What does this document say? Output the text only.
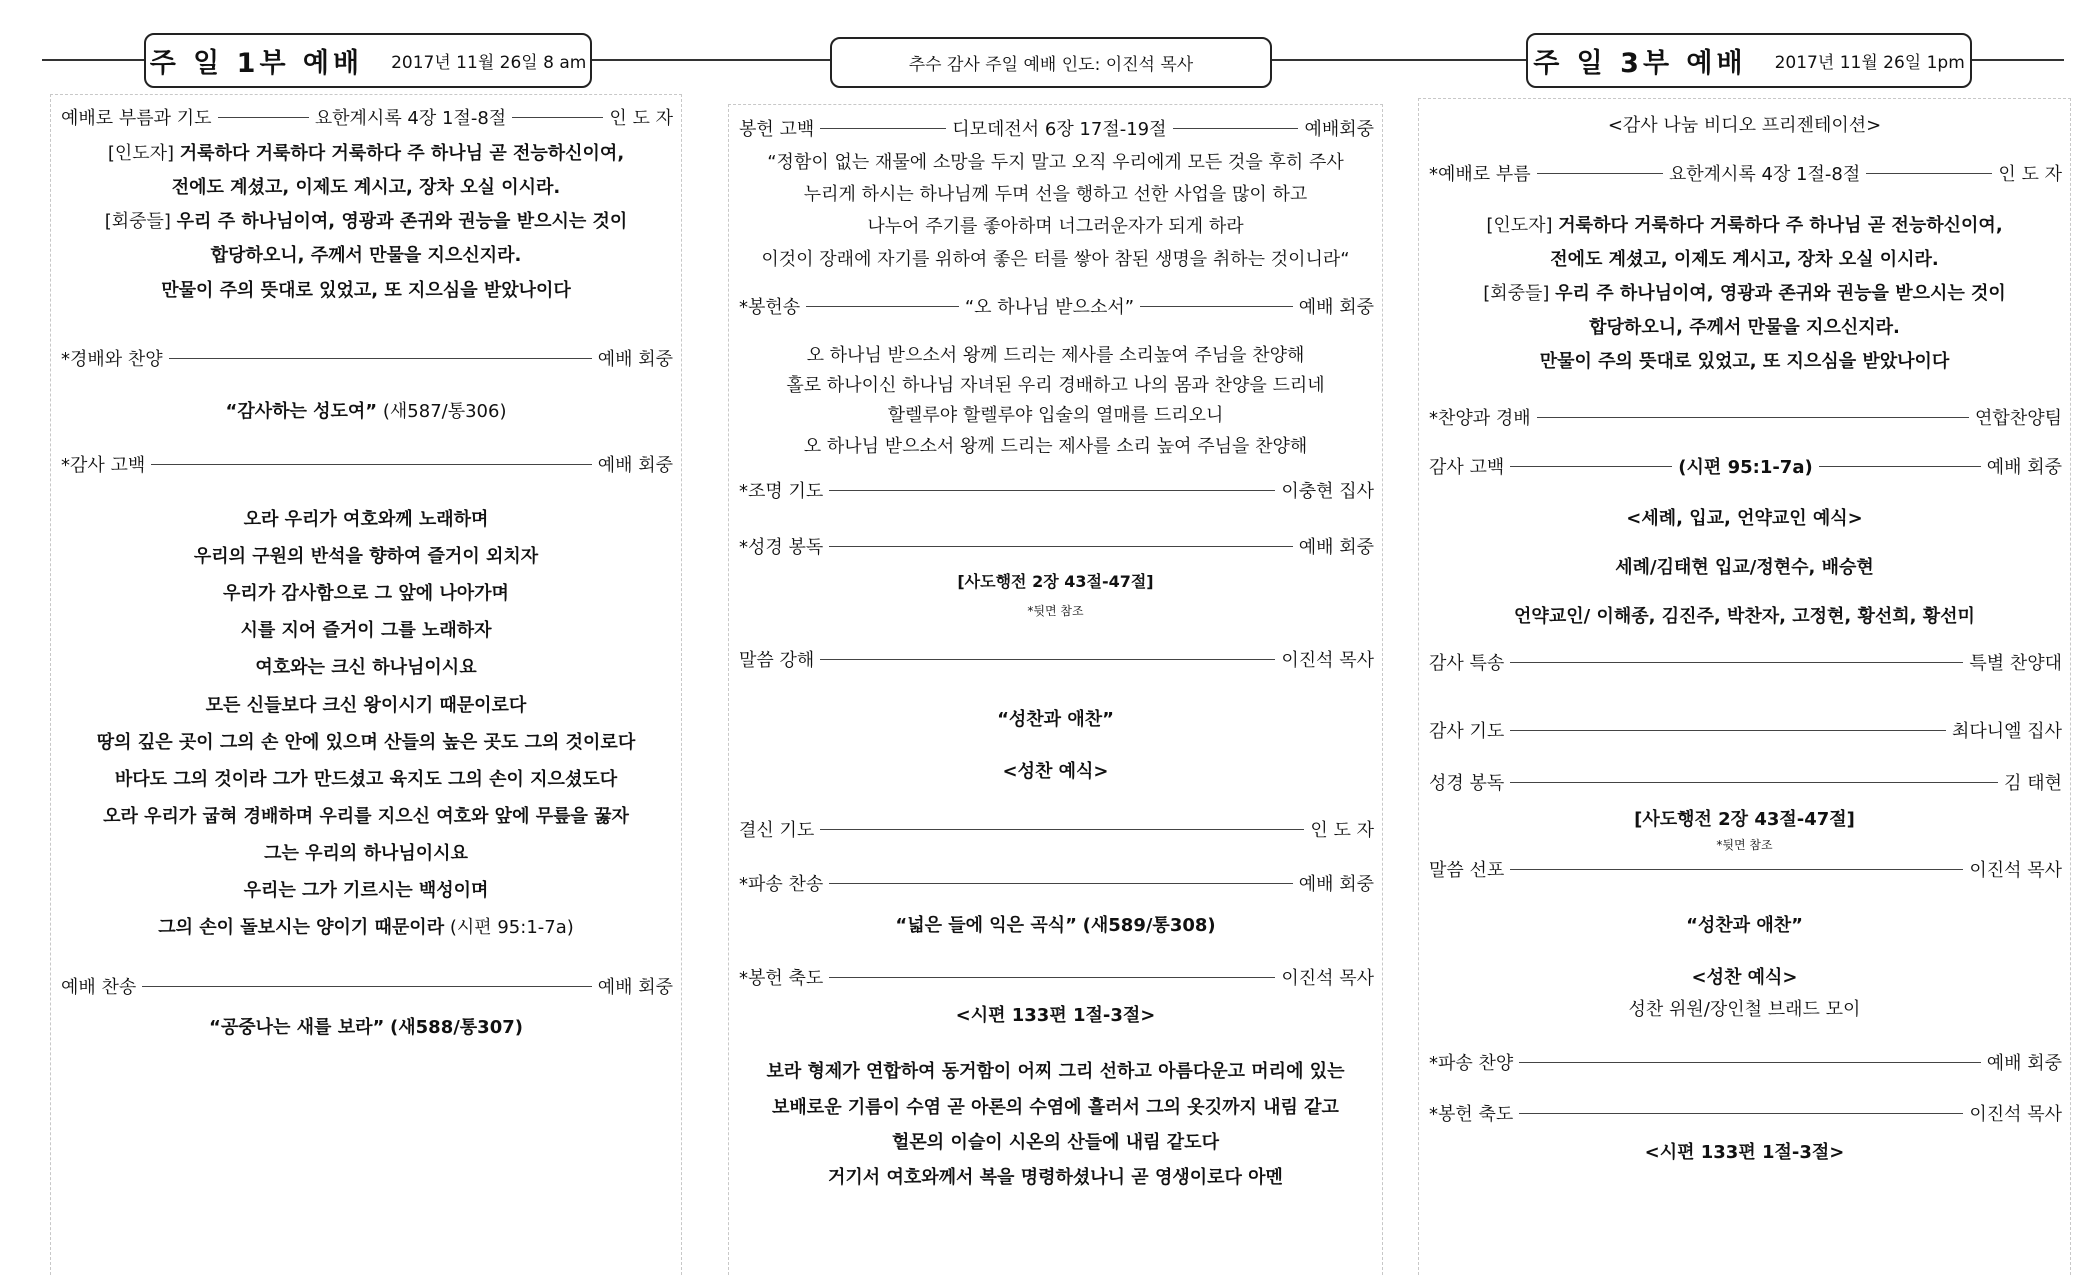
주 일 1부 예배 2017년 11월 26일 8 am	추수 감사 주일 예배 인도: 이진석 목사	주 일 3부 예배 2017년 11월 26일 1pm
예배로 부름과 기도	요한계시록 4장 1절-8절	인 도 자
[인도자] 거룩하다 거룩하다 거룩하다 주 하나님 곧 전능하신이여,
전에도 계셨고, 이제도 계시고, 장차 오실 이시라.
[회중들] 우리 주 하나님이여, 영광과 존귀와 권능을 받으시는 것이
합당하오니, 주께서 만물을 지으신지라.
만물이 주의 뜻대로 있었고, 또 지으심을 받았나이다
*경배와 찬양	예배 회중
“감사하는 성도여” (새587/통306)
*감사 고백	예배 회중
오라 우리가 여호와께 노래하며
우리의 구원의 반석을 향하여 즐거이 외치자
우리가 감사함으로 그 앞에 나아가며
시를 지어 즐거이 그를 노래하자
여호와는 크신 하나님이시요
모든 신들보다 크신 왕이시기 때문이로다
땅의 깊은 곳이 그의 손 안에 있으며 산들의 높은 곳도 그의 것이로다
바다도 그의 것이라 그가 만드셨고 육지도 그의 손이 지으셨도다
오라 우리가 굽혀 경배하며 우리를 지으신 여호와 앞에 무릎을 꿇자
그는 우리의 하나님이시요
우리는 그가 기르시는 백성이며
그의 손이 돌보시는 양이기 때문이라 (시편 95:1-7a)
예배 찬송	예배 회중
“공중나는 새를 보라” (새588/통307)
봉헌 고백	디모데전서 6장 17절-19절	예배회중
“정함이 없는 재물에 소망을 두지 말고 오직 우리에게 모든 것을 후히 주사
누리게 하시는 하나님께 두며 선을 행하고 선한 사업을 많이 하고
나누어 주기를 좋아하며 너그러운자가 되게 하라
이것이 장래에 자기를 위하여 좋은 터를 쌓아 참된 생명을 취하는 것이니라“
*봉헌송	“오 하나님 받으소서”	예배 회중
오 하나님 받으소서 왕께 드리는 제사를 소리높여 주님을 찬양해
홀로 하나이신 하나님 자녀된 우리 경배하고 나의 몸과 찬양을 드리네
할렐루야 할렐루야 입술의 열매를 드리오니
오 하나님 받으소서 왕께 드리는 제사를 소리 높여 주님을 찬양해
*조명 기도	이충현 집사
*성경 봉독	예배 회중
[사도행전 2장 43절-47절]
*뒷면 참조
말씀 강해	이진석 목사
“성찬과 애찬”
<성찬 예식>
결신 기도	인 도 자
*파송 찬송	예배 회중
“넓은 들에 익은 곡식” (새589/통308)
*봉헌 축도	이진석 목사
<시편 133편 1절-3절>
보라 형제가 연합하여 동거함이 어찌 그리 선하고 아름다운고 머리에 있는
보배로운 기름이 수염 곧 아론의 수염에 흘러서 그의 옷깃까지 내림 같고
헐몬의 이슬이 시온의 산들에 내림 같도다
거기서 여호와께서 복을 명령하셨나니 곧 영생이로다 아멘
<감사 나눔 비디오 프리젠테이션>
*예배로 부름	요한계시록 4장 1절-8절	인 도 자
[인도자] 거룩하다 거룩하다 거룩하다 주 하나님 곧 전능하신이여,
전에도 계셨고, 이제도 계시고, 장차 오실 이시라.
[회중들] 우리 주 하나님이여, 영광과 존귀와 권능을 받으시는 것이
합당하오니, 주께서 만물을 지으신지라.
만물이 주의 뜻대로 있었고, 또 지으심을 받았나이다
*찬양과 경배	연합찬양팀
감사 고백	(시편 95:1-7a)	예배 회중
<세례, 입교, 언약교인 예식>
세례/김태현 입교/정현수, 배승현
언약교인/ 이해종, 김진주, 박찬자, 고정현, 황선희, 황선미
감사 특송	특별 찬양대
감사 기도	최다니엘 집사
성경 봉독	김 태현
[사도행전 2장 43절-47절]
*뒷면 참조
말씀 선포	이진석 목사
“성찬과 애찬”
<성찬 예식>
성찬 위원/장인철 브래드 모이
*파송 찬양	예배 회중
*봉헌 축도	이진석 목사
<시편 133편 1절-3절>
